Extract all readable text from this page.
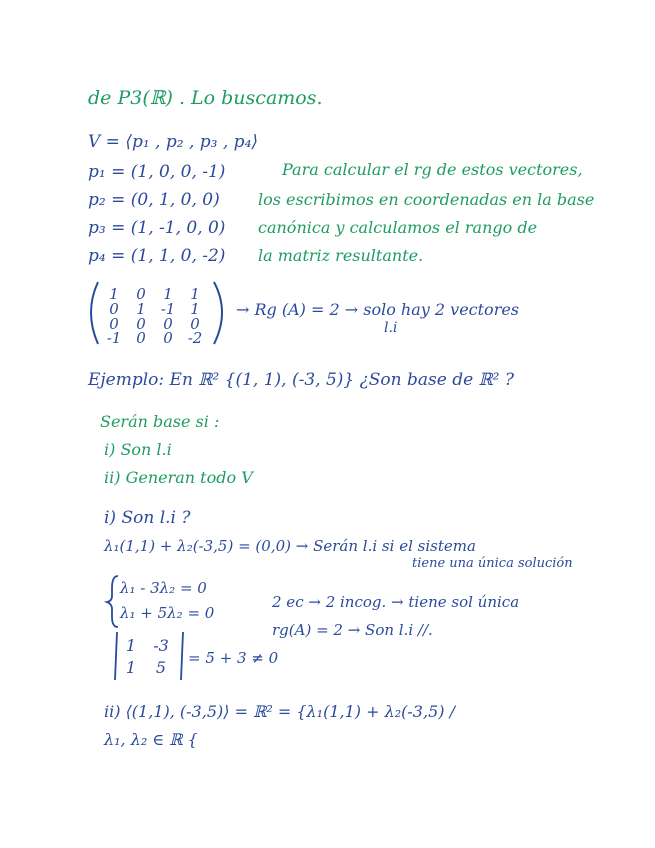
de P3(ℝ) . Lo buscamos.
V = ⟨p₁ , p₂ , p₃ , p₄⟩
p₁ = (1, 0, 0, -1)
p₂ = (0, 1, 0, 0)
p₃ = (1, -1, 0, 0)
p₄ = (1, 1, 0, -2)
Para calcular el rg de estos vectores,
los escribimos en coordenadas en la base
canónica y calculamos el rango de
la matriz resultante.
1	0	1	1
0	1 -1 1
0	0	0	0
-1 0	0 -2
→ Rg (A) = 2 → solo hay 2 vectores
l.i
Ejemplo: En ℝ² {(1, 1), (-3, 5)} ¿Son base de ℝ² ?
Serán base si :
i) Son l.i
ii) Generan todo V
i) Son l.i ?
λ₁(1,1) + λ₂(-3,5) = (0,0) → Serán l.i si el sistema
tiene una única solución
λ₁ - 3λ₂ = 0
λ₁ + 5λ₂ = 0
2 ec → 2 incog. → tiene sol única
rg(A) = 2 → Son l.i //.
1	-3
1	5	= 5 + 3 ≠ 0
ii) ⟨(1,1), (-3,5)⟩ = ℝ² = {λ₁(1,1) + λ₂(-3,5) /
λ₁, λ₂ ∈ ℝ {
